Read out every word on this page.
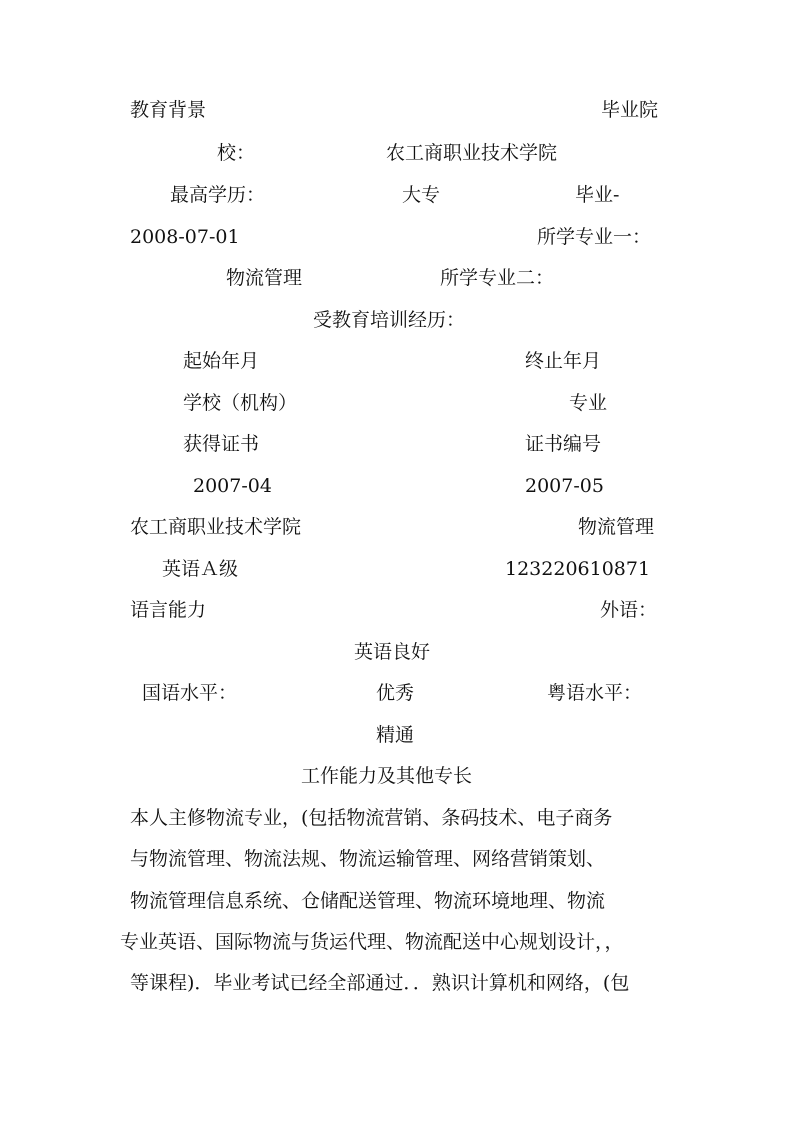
教育背景	毕业院
校：	农工商职业技术学院
最高学历：	大专	毕业-
2008-07-01	所学专业一：
物流管理	所学专业二：
受教育培训经历：
起始年月	终止年月
学校（机构）	专业
获得证书	证书编号
2007-04	2007-05
农工商职业技术学院	物流管理
英语Ａ级	123220610871
语言能力	外语：
英语良好
国语水平：	优秀	粤语水平：
精通
工作能力及其他专长
本人主修物流专业，(包括物流营销、条码技术、电子商务
与物流管理、物流法规、物流运输管理、网络营销策划、
物流管理信息系统、仓储配送管理、物流环境地理、物流
专业英语、国际物流与货运代理、物流配送中心规划设计，，
等课程)．毕业考试已经全部通过．．熟识计算机和网络，(包
